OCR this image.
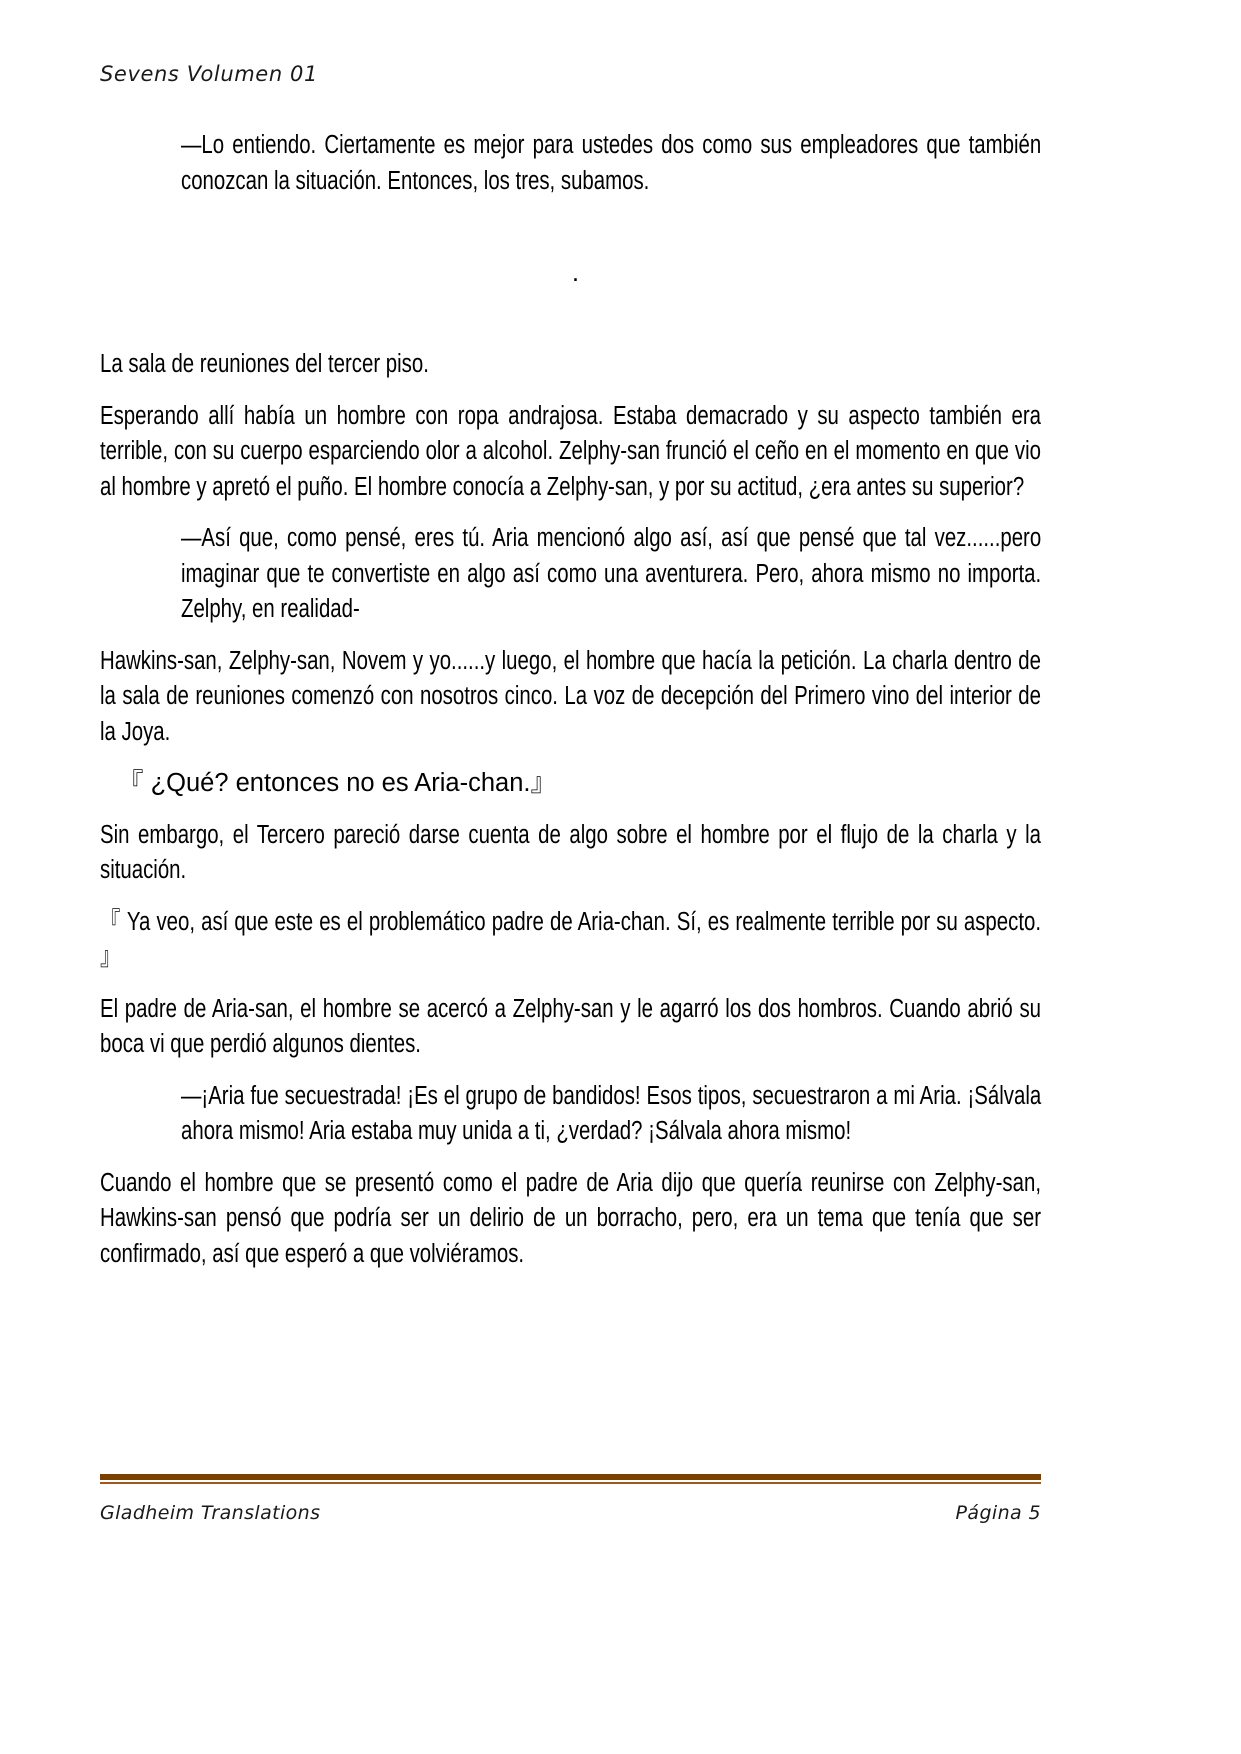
Sevens Volumen 01

—Lo entiendo. Ciertamente es mejor para ustedes dos como sus empleadores que también conozcan la situación. Entonces, los tres, subamos.

.

La sala de reuniones del tercer piso.

Esperando allí había un hombre con ropa andrajosa. Estaba demacrado y su aspecto también era terrible, con su cuerpo esparciendo olor a alcohol. Zelphy-san frunció el ceño en el momento en que vio al hombre y apretó el puño. El hombre conocía a Zelphy-san, y por su actitud, ¿era antes su superior?

—Así que, como pensé, eres tú. Aria mencionó algo así, así que pensé que tal vez......pero imaginar que te convertiste en algo así como una aventurera. Pero, ahora mismo no importa. Zelphy, en realidad-

Hawkins-san, Zelphy-san, Novem y yo......y luego, el hombre que hacía la petición. La charla dentro de la sala de reuniones comenzó con nosotros cinco. La voz de decepción del Primero vino del interior de la Joya.

『 ¿Qué? entonces no es Aria-chan.』

Sin embargo, el Tercero pareció darse cuenta de algo sobre el hombre por el flujo de la charla y la situación.

『 Ya veo, así que este es el problemático padre de Aria-chan. Sí, es realmente terrible por su aspecto. 』

El padre de Aria-san, el hombre se acercó a Zelphy-san y le agarró los dos hombros. Cuando abrió su boca vi que perdió algunos dientes.

—¡Aria fue secuestrada! ¡Es el grupo de bandidos! Esos tipos, secuestraron a mi Aria. ¡Sálvala ahora mismo! Aria estaba muy unida a ti, ¿verdad? ¡Sálvala ahora mismo!

Cuando el hombre que se presentó como el padre de Aria dijo que quería reunirse con Zelphy-san, Hawkins-san pensó que podría ser un delirio de un borracho, pero, era un tema que tenía que ser confirmado, así que esperó a que volviéramos.

Gladheim Translations	Página 5
